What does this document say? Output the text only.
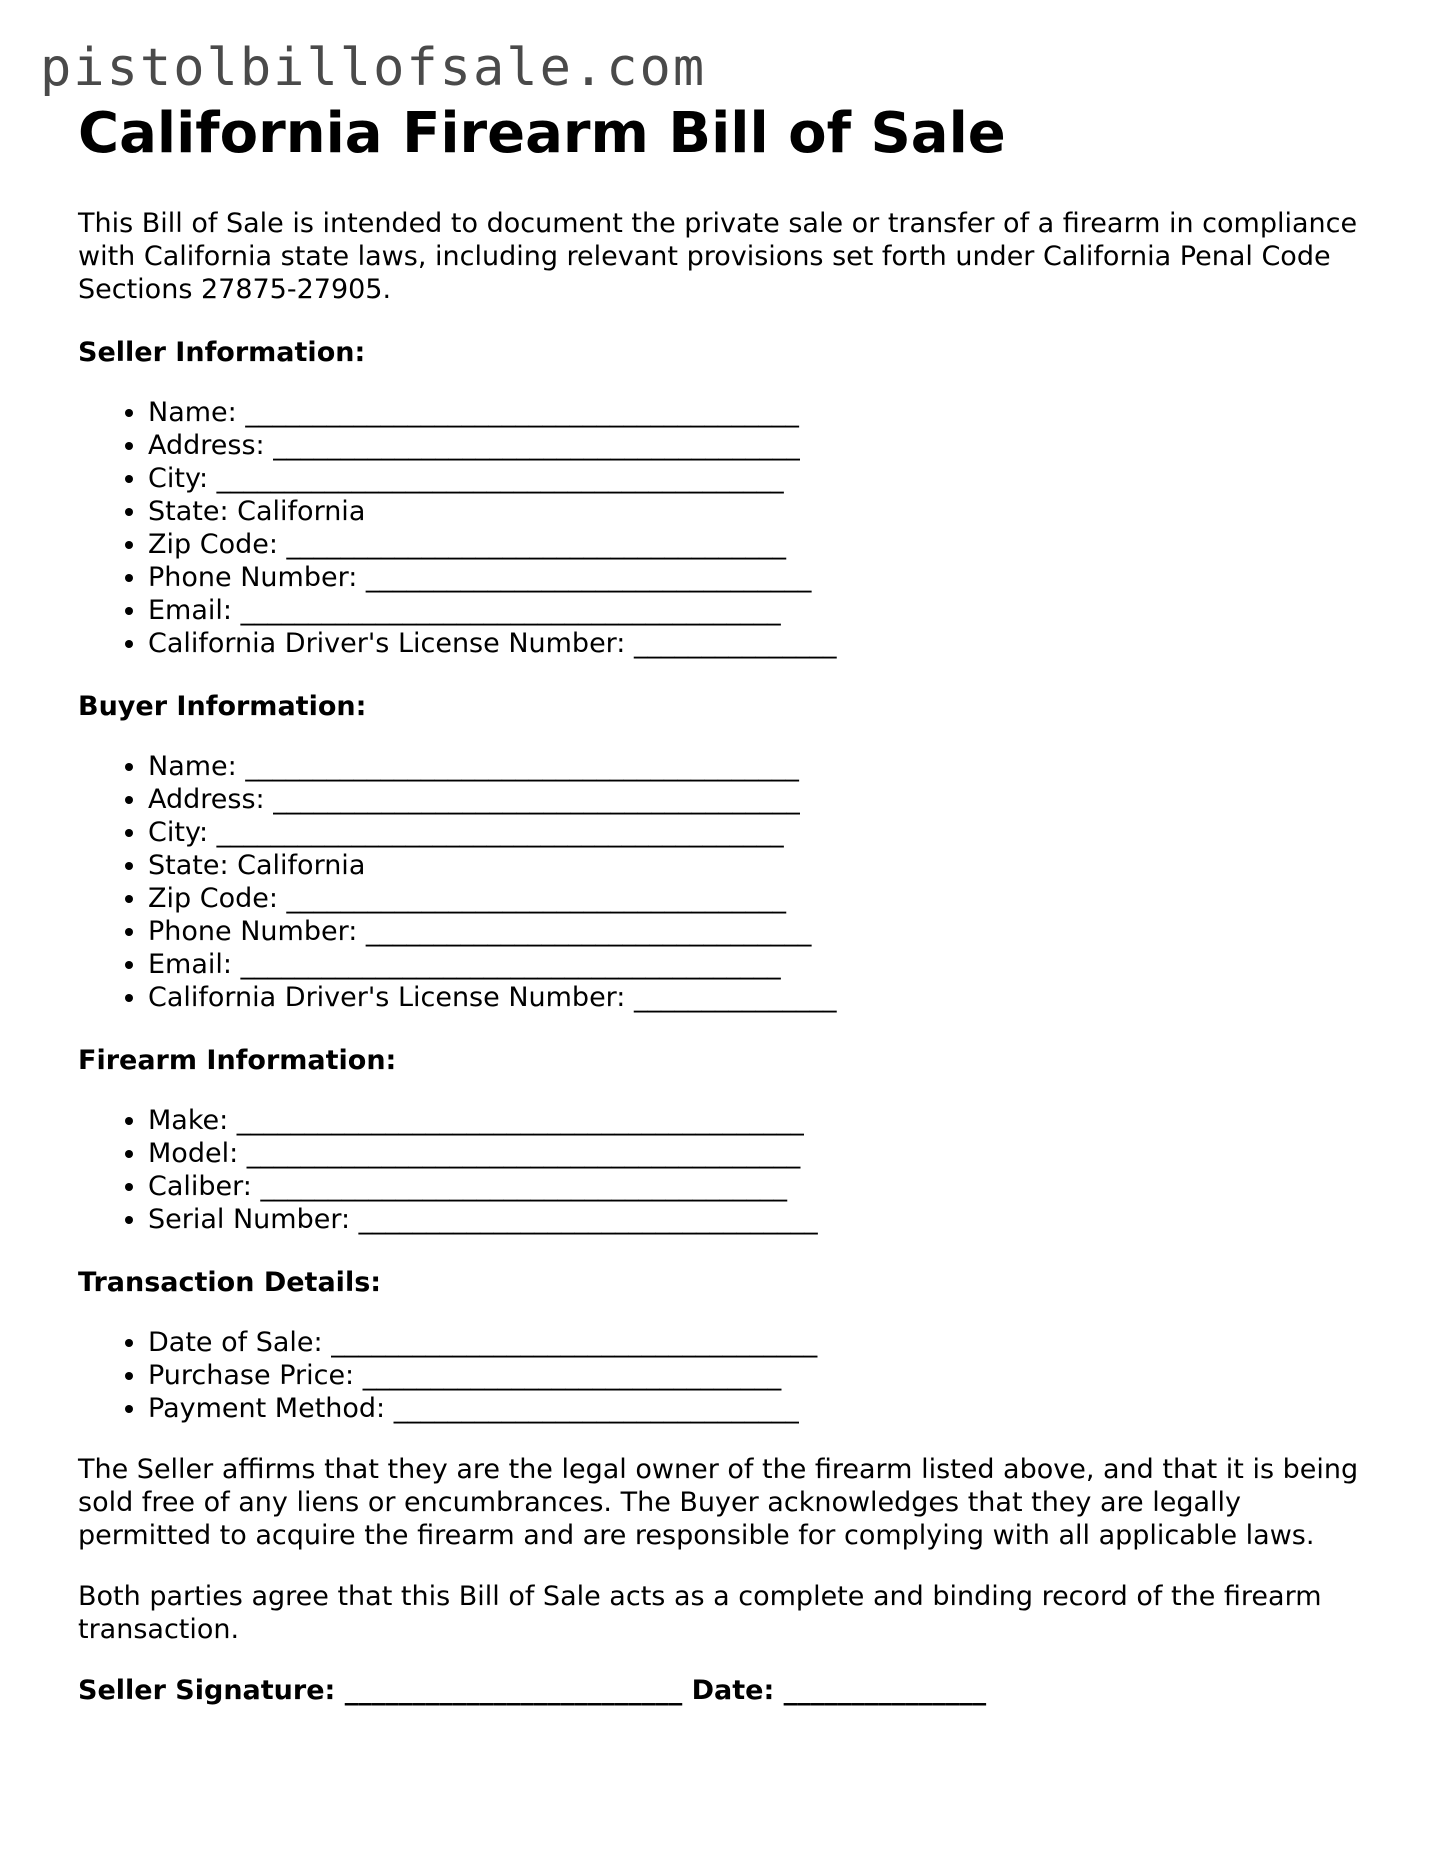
pistolbillofsale.com
California Firearm Bill of Sale

This Bill of Sale is intended to document the private sale or transfer of a firearm in compliance with California state laws, including relevant provisions set forth under California Penal Code Sections 27875-27905.

Seller Information:
• Name: _________________________________________
• Address: _______________________________________
• City: __________________________________________
• State: California
• Zip Code: _____________________________________
• Phone Number: _________________________________
• Email: ________________________________________
• California Driver's License Number: _______________
Buyer Information:
• Name: _________________________________________
• Address: _______________________________________
• City: __________________________________________
• State: California
• Zip Code: _____________________________________
• Phone Number: _________________________________
• Email: ________________________________________
• California Driver's License Number: _______________
Firearm Information:
• Make: __________________________________________
• Model: _________________________________________
• Caliber: _______________________________________
• Serial Number: __________________________________
Transaction Details:
• Date of Sale: ____________________________________
• Purchase Price: _______________________________
• Payment Method: ______________________________

The Seller affirms that they are the legal owner of the firearm listed above, and that it is being sold free of any liens or encumbrances. The Buyer acknowledges that they are legally permitted to acquire the firearm and are responsible for complying with all applicable laws.

Both parties agree that this Bill of Sale acts as a complete and binding record of the firearm transaction.

Seller Signature: _________________________ Date: _______________
